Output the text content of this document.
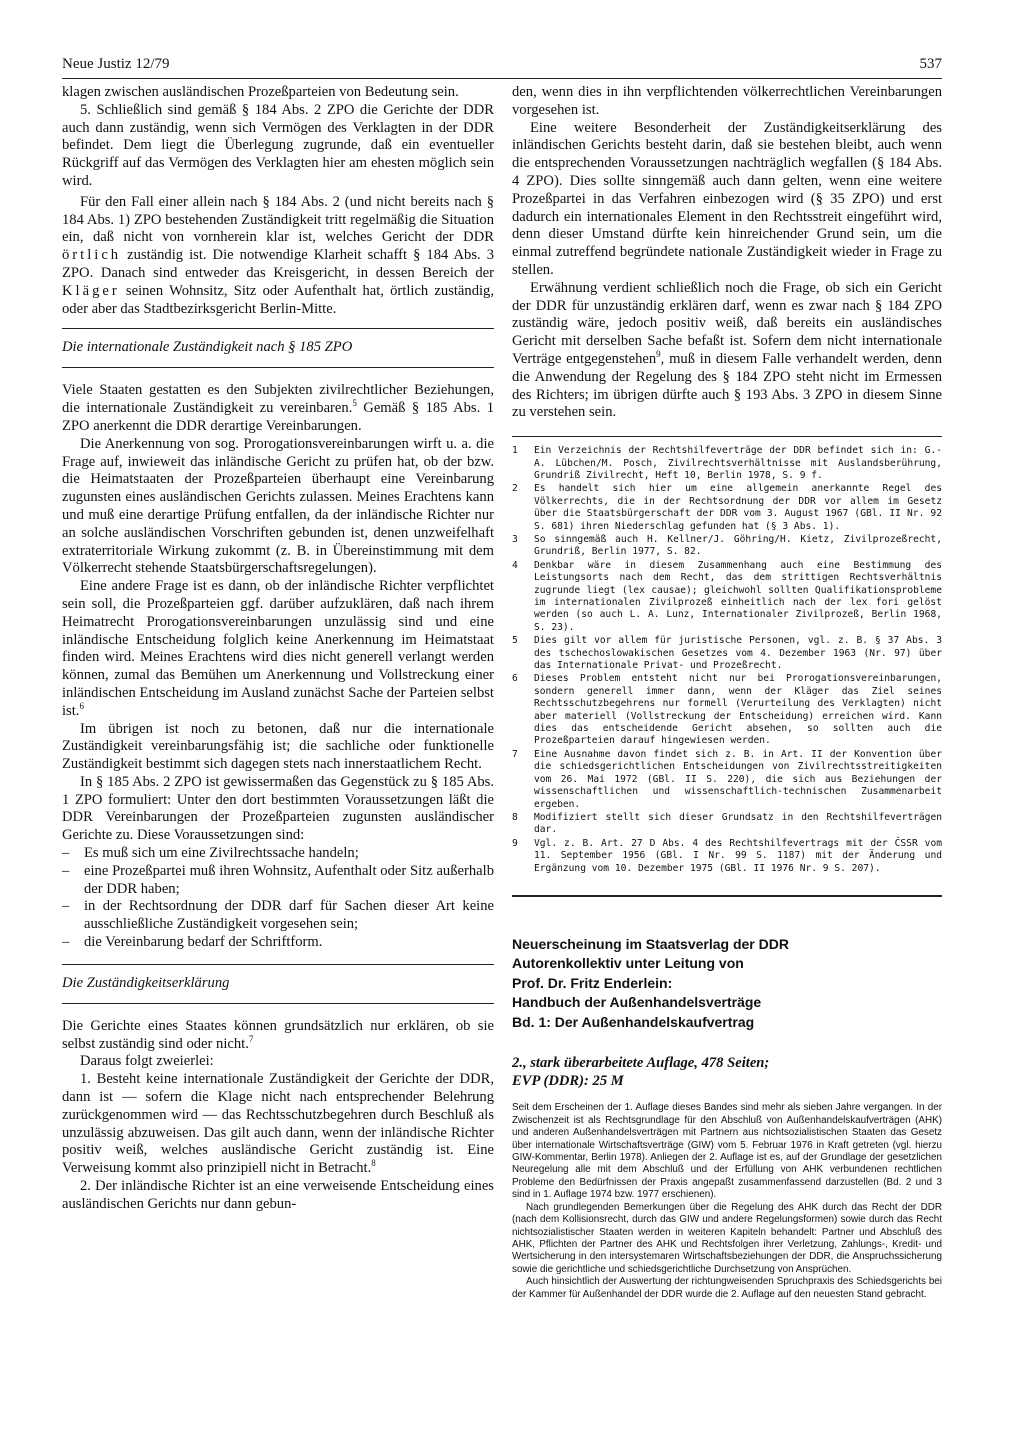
Neue Justiz 12/79	537

klagen zwischen ausländischen Prozeßparteien von Bedeutung sein.

5. Schließlich sind gemäß § 184 Abs. 2 ZPO die Gerichte der DDR auch dann zuständig, wenn sich Vermögen des Verklagten in der DDR befindet. Dem liegt die Überlegung zugrunde, daß ein eventueller Rückgriff auf das Vermögen des Verklagten hier am ehesten möglich sein wird.

Für den Fall einer allein nach § 184 Abs. 2 (und nicht bereits nach § 184 Abs. 1) ZPO bestehenden Zuständigkeit tritt regelmäßig die Situation ein, daß nicht von vornherein klar ist, welches Gericht der DDR örtlich zuständig ist. Die notwendige Klarheit schafft § 184 Abs. 3 ZPO. Danach sind entweder das Kreisgericht, in dessen Bereich der Kläger seinen Wohnsitz, Sitz oder Aufenthalt hat, örtlich zuständig, oder aber das Stadtbezirksgericht Berlin-Mitte.

Die internationale Zuständigkeit nach § 185 ZPO

Viele Staaten gestatten es den Subjekten zivilrechtlicher Beziehungen, die internationale Zuständigkeit zu vereinbaren.$^5$ Gemäß § 185 Abs. 1 ZPO anerkennt die DDR derartige Vereinbarungen.

Die Anerkennung von sog. Prorogationsvereinbarungen wirft u. a. die Frage auf, inwieweit das inländische Gericht zu prüfen hat, ob der bzw. die Heimatstaaten der Prozeßparteien überhaupt eine Vereinbarung zugunsten eines ausländischen Gerichts zulassen. Meines Erachtens kann und muß eine derartige Prüfung entfallen, da der inländische Richter nur an solche ausländischen Vorschriften gebunden ist, denen unzweifelhaft extraterritoriale Wirkung zukommt (z. B. in Übereinstimmung mit dem Völkerrecht stehende Staatsbürgerschaftsregelungen).

Eine andere Frage ist es dann, ob der inländische Richter verpflichtet sein soll, die Prozeßparteien ggf. darüber aufzuklären, daß nach ihrem Heimatrecht Prorogationsvereinbarungen unzulässig sind und eine inländische Entscheidung folglich keine Anerkennung im Heimatstaat finden wird. Meines Erachtens wird dies nicht generell verlangt werden können, zumal das Bemühen um Anerkennung und Vollstreckung einer inländischen Entscheidung im Ausland zunächst Sache der Parteien selbst ist.$^6$

Im übrigen ist noch zu betonen, daß nur die internationale Zuständigkeit vereinbarungsfähig ist; die sachliche oder funktionelle Zuständigkeit bestimmt sich dagegen stets nach innerstaatlichem Recht.

In § 185 Abs. 2 ZPO ist gewissermaßen das Gegenstück zu § 185 Abs. 1 ZPO formuliert: Unter den dort bestimmten Voraussetzungen läßt die DDR Vereinbarungen der Prozeßparteien zugunsten ausländischer Gerichte zu. Diese Voraussetzungen sind:

– Es muß sich um eine Zivilrechtssache handeln;
– eine Prozeßpartei muß ihren Wohnsitz, Aufenthalt oder Sitz außerhalb der DDR haben;
– in der Rechtsordnung der DDR darf für Sachen dieser Art keine ausschließliche Zuständigkeit vorgesehen sein;
– die Vereinbarung bedarf der Schriftform.
Die Zuständigkeitserklärung

Die Gerichte eines Staates können grundsätzlich nur erklären, ob sie selbst zuständig sind oder nicht.$^7$

Daraus folgt zweierlei:

1. Besteht keine internationale Zuständigkeit der Gerichte der DDR, dann ist — sofern die Klage nicht nach entsprechender Belehrung zurückgenommen wird — das Rechtsschutzbegehren durch Beschluß als unzulässig abzuweisen. Das gilt auch dann, wenn der inländische Richter positiv weiß, welches ausländische Gericht zuständig ist. Eine Verweisung kommt also prinzipiell nicht in Betracht.$^8$

2. Der inländische Richter ist an eine verweisende Entscheidung eines ausländischen Gerichts nur dann gebun-

den, wenn dies in ihn verpflichtenden völkerrechtlichen Vereinbarungen vorgesehen ist.

Eine weitere Besonderheit der Zuständigkeitserklärung des inländischen Gerichts besteht darin, daß sie bestehen bleibt, auch wenn die entsprechenden Voraussetzungen nachträglich wegfallen (§ 184 Abs. 4 ZPO). Dies sollte sinngemäß auch dann gelten, wenn eine weitere Prozeßpartei in das Verfahren einbezogen wird (§ 35 ZPO) und erst dadurch ein internationales Element in den Rechtsstreit eingeführt wird, denn dieser Umstand dürfte kein hinreichender Grund sein, um die einmal zutreffend begründete nationale Zuständigkeit wieder in Frage zu stellen.

Erwähnung verdient schließlich noch die Frage, ob sich ein Gericht der DDR für unzuständig erklären darf, wenn es zwar nach § 184 ZPO zuständig wäre, jedoch positiv weiß, daß bereits ein ausländisches Gericht mit derselben Sache befaßt ist. Sofern dem nicht internationale Verträge entgegenstehen$^9$, muß in diesem Falle verhandelt werden, denn die Anwendung der Regelung des § 184 ZPO steht nicht im Ermessen des Richters; im übrigen dürfte auch § 193 Abs. 3 ZPO in diesem Sinne zu verstehen sein.

1 Ein Verzeichnis der Rechtshilfeverträge der DDR befindet sich in: G.-A. Lübchen/M. Posch, Zivilrechtsverhältnisse mit Auslandsberührung, Grundriß Zivilrecht, Heft 10, Berlin 1978, S. 9 f.
2 Es handelt sich hier um eine allgemein anerkannte Regel des Völkerrechts, die in der Rechtsordnung der DDR vor allem im Gesetz über die Staatsbürgerschaft der DDR vom 3. August 1967 (GBl. II Nr. 92 S. 681) ihren Niederschlag gefunden hat (§ 3 Abs. 1).
3 So sinngemäß auch H. Kellner/J. Göhring/H. Kietz, Zivilprozeßrecht, Grundriß, Berlin 1977, S. 82.
4 Denkbar wäre in diesem Zusammenhang auch eine Bestimmung des Leistungsorts nach dem Recht, das dem strittigen Rechtsverhältnis zugrunde liegt (lex causae); gleichwohl sollten Qualifikationsprobleme im internationalen Zivilprozeß einheitlich nach der lex fori gelöst werden (so auch L. A. Lunz, Internationaler Zivilprozeß, Berlin 1968, S. 23).
5 Dies gilt vor allem für juristische Personen, vgl. z. B. § 37 Abs. 3 des tschechoslowakischen Gesetzes vom 4. Dezember 1963 (Nr. 97) über das Internationale Privat- und Prozeßrecht.
6 Dieses Problem entsteht nicht nur bei Prorogationsvereinbarungen, sondern generell immer dann, wenn der Kläger das Ziel seines Rechtsschutzbegehrens nur formell (Verurteilung des Verklagten) nicht aber materiell (Vollstreckung der Entscheidung) erreichen wird. Kann dies das entscheidende Gericht absehen, so sollten auch die Prozeßparteien darauf hingewiesen werden.
7 Eine Ausnahme davon findet sich z. B. in Art. II der Konvention über die schiedsgerichtlichen Entscheidungen von Zivilrechtsstreitigkeiten vom 26. Mai 1972 (GBl. II S. 220), die sich aus Beziehungen der wissenschaftlichen und wissenschaftlich-technischen Zusammenarbeit ergeben.
8 Modifiziert stellt sich dieser Grundsatz in den Rechtshilfeverträgen dar.
9 Vgl. z. B. Art. 27 D Abs. 4 des Rechtshilfevertrags mit der ČSSR vom 11. September 1956 (GBl. I Nr. 99 S. 1187) mit der Änderung und Ergänzung vom 10. Dezember 1975 (GBl. II 1976 Nr. 9 S. 207).
Neuerscheinung im Staatsverlag der DDR
Autorenkollektiv unter Leitung von
Prof. Dr. Fritz Enderlein:
Handbuch der Außenhandelsverträge
Bd. 1: Der Außenhandelskaufvertrag
2., stark überarbeitete Auflage, 478 Seiten;
EVP (DDR): 25 M

Seit dem Erscheinen der 1. Auflage dieses Bandes sind mehr als sieben Jahre vergangen. In der Zwischenzeit ist als Rechtsgrundlage für den Abschluß von Außenhandelskaufverträgen (AHK) und anderen Außenhandelsverträgen mit Partnern aus nichtsozialistischen Staaten das Gesetz über internationale Wirtschaftsverträge (GIW) vom 5. Februar 1976 in Kraft getreten (vgl. hierzu GIW-Kommentar, Berlin 1978). Anliegen der 2. Auflage ist es, auf der Grundlage der gesetzlichen Neuregelung alle mit dem Abschluß und der Erfüllung von AHK verbundenen rechtlichen Probleme den Bedürfnissen der Praxis angepaßt zusammenfassend darzustellen (Bd. 2 und 3 sind in 1. Auflage 1974 bzw. 1977 erschienen).

Nach grundlegenden Bemerkungen über die Regelung des AHK durch das Recht der DDR (nach dem Kollisionsrecht, durch das GIW und andere Regelungsformen) sowie durch das Recht nichtsozialistischer Staaten werden in weiteren Kapiteln behandelt: Partner und Abschluß des AHK, Pflichten der Partner des AHK und Rechtsfolgen ihrer Verletzung, Zahlungs-, Kredit- und Wertsicherung in den intersystemaren Wirtschaftsbeziehungen der DDR, die Anspruchssicherung sowie die gerichtliche und schiedsgerichtliche Durchsetzung von Ansprüchen.

Auch hinsichtlich der Auswertung der richtungweisenden Spruchpraxis des Schiedsgerichts bei der Kammer für Außenhandel der DDR wurde die 2. Auflage auf den neuesten Stand gebracht.
